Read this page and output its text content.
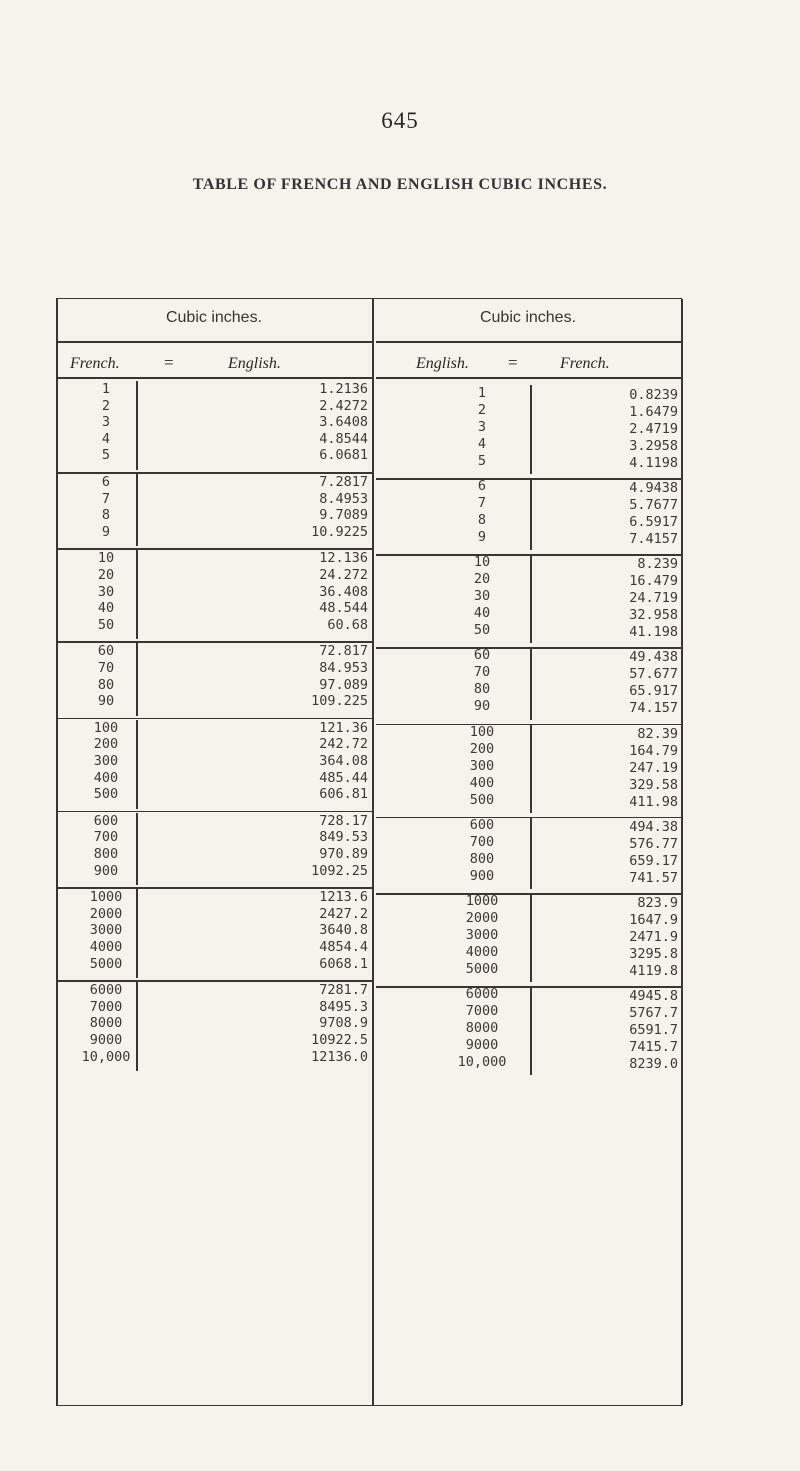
645
TABLE OF FRENCH AND ENGLISH CUBIC INCHES.
Cubic inches.	Cubic inches.
French.	=	English.	English. =	French.
1	1.2136	1	0.8239
2	2.4272	2	1.6479
3	3.6408	3	2.4719
4	4.8544	4	3.2958
5	6.0681	5	4.1198
6	7.2817	6	4.9438
7	8.4953	7	5.7677
8	9.7089	8	6.5917
9	10.9225	9	7.4157
10	12.136	10	8.239
20	24.272	20	16.479
30	36.408	30	24.719
40	48.544	40	32.958
50	60.68	50	41.198
60	72.817	60	49.438
70	84.953	70	57.677
80	97.089	80	65.917
90	109.225	90	74.157
100	121.36	100	82.39
200	242.72	200	164.79
300	364.08	300	247.19
400	485.44	400	329.58
500	606.81	500	411.98
600	728.17	600	494.38
700	849.53	700	576.77
800	970.89	800	659.17
900	1092.25	900	741.57
1000	1213.6	1000	823.9
2000	2427.2	2000	1647.9
3000	3640.8	3000	2471.9
4000	4854.4	4000	3295.8
5000	6068.1	5000	4119.8
6000	7281.7	6000	4945.8
7000	8495.3	7000	5767.7
8000	9708.9	8000	6591.7
9000	10922.5	9000	7415.7
10,000	12136.0	10,000	8239.0
